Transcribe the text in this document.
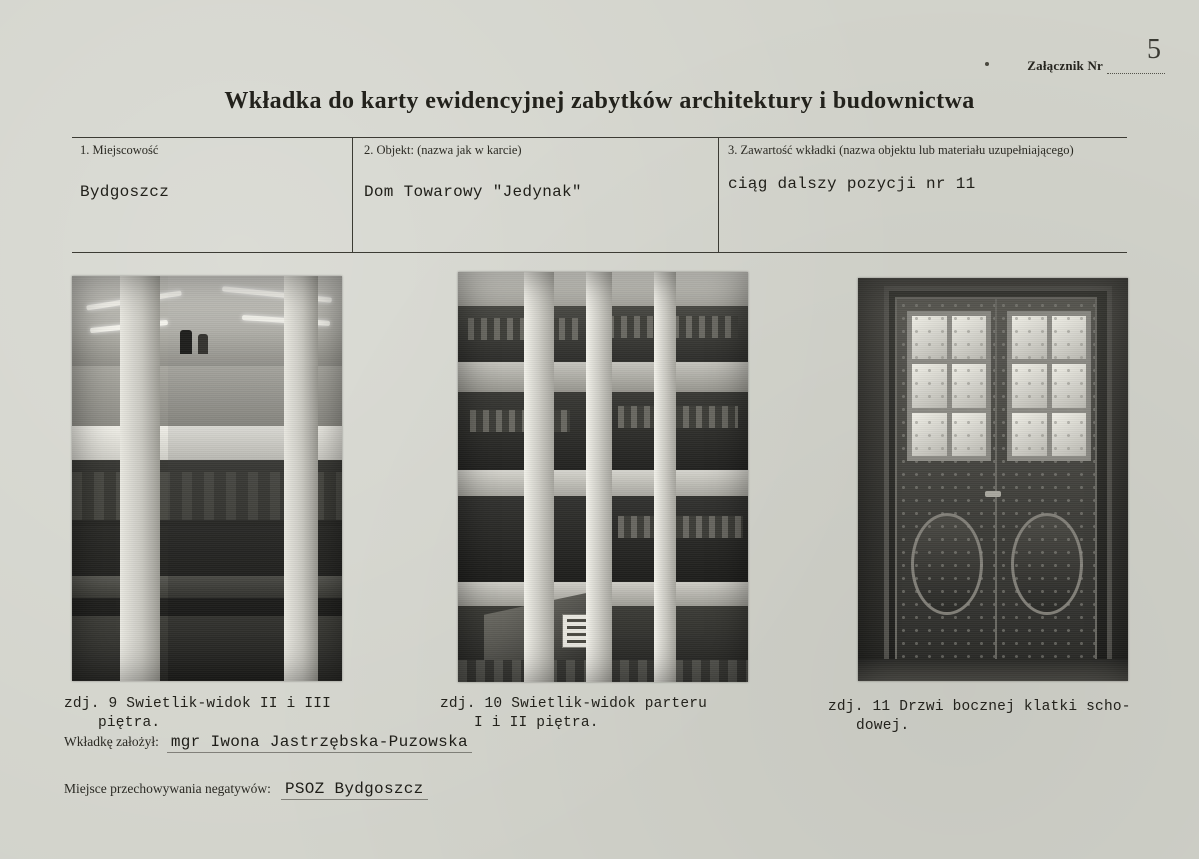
Załącznik Nr
5
Wkładka do karty ewidencyjnej zabytków architektury i budownictwa
1. Miejscowość
Bydgoszcz
2. Objekt: (nazwa jak w karcie)
Dom Towarowy "Jedynak"
3. Zawartość wkładki (nazwa objektu lub materiału uzupełniającego)
ciąg dalszy pozycji nr 11
zdj. 9 Swietlik-widok II i III
piętra.
zdj. 10 Swietlik-widok parteru
I i II piętra.
zdj. 11 Drzwi bocznej klatki scho-
dowej.
Wkładkę założył: mgr Iwona Jastrzębska-Puzowska
Miejsce przechowywania negatywów: PSOZ Bydgoszcz
